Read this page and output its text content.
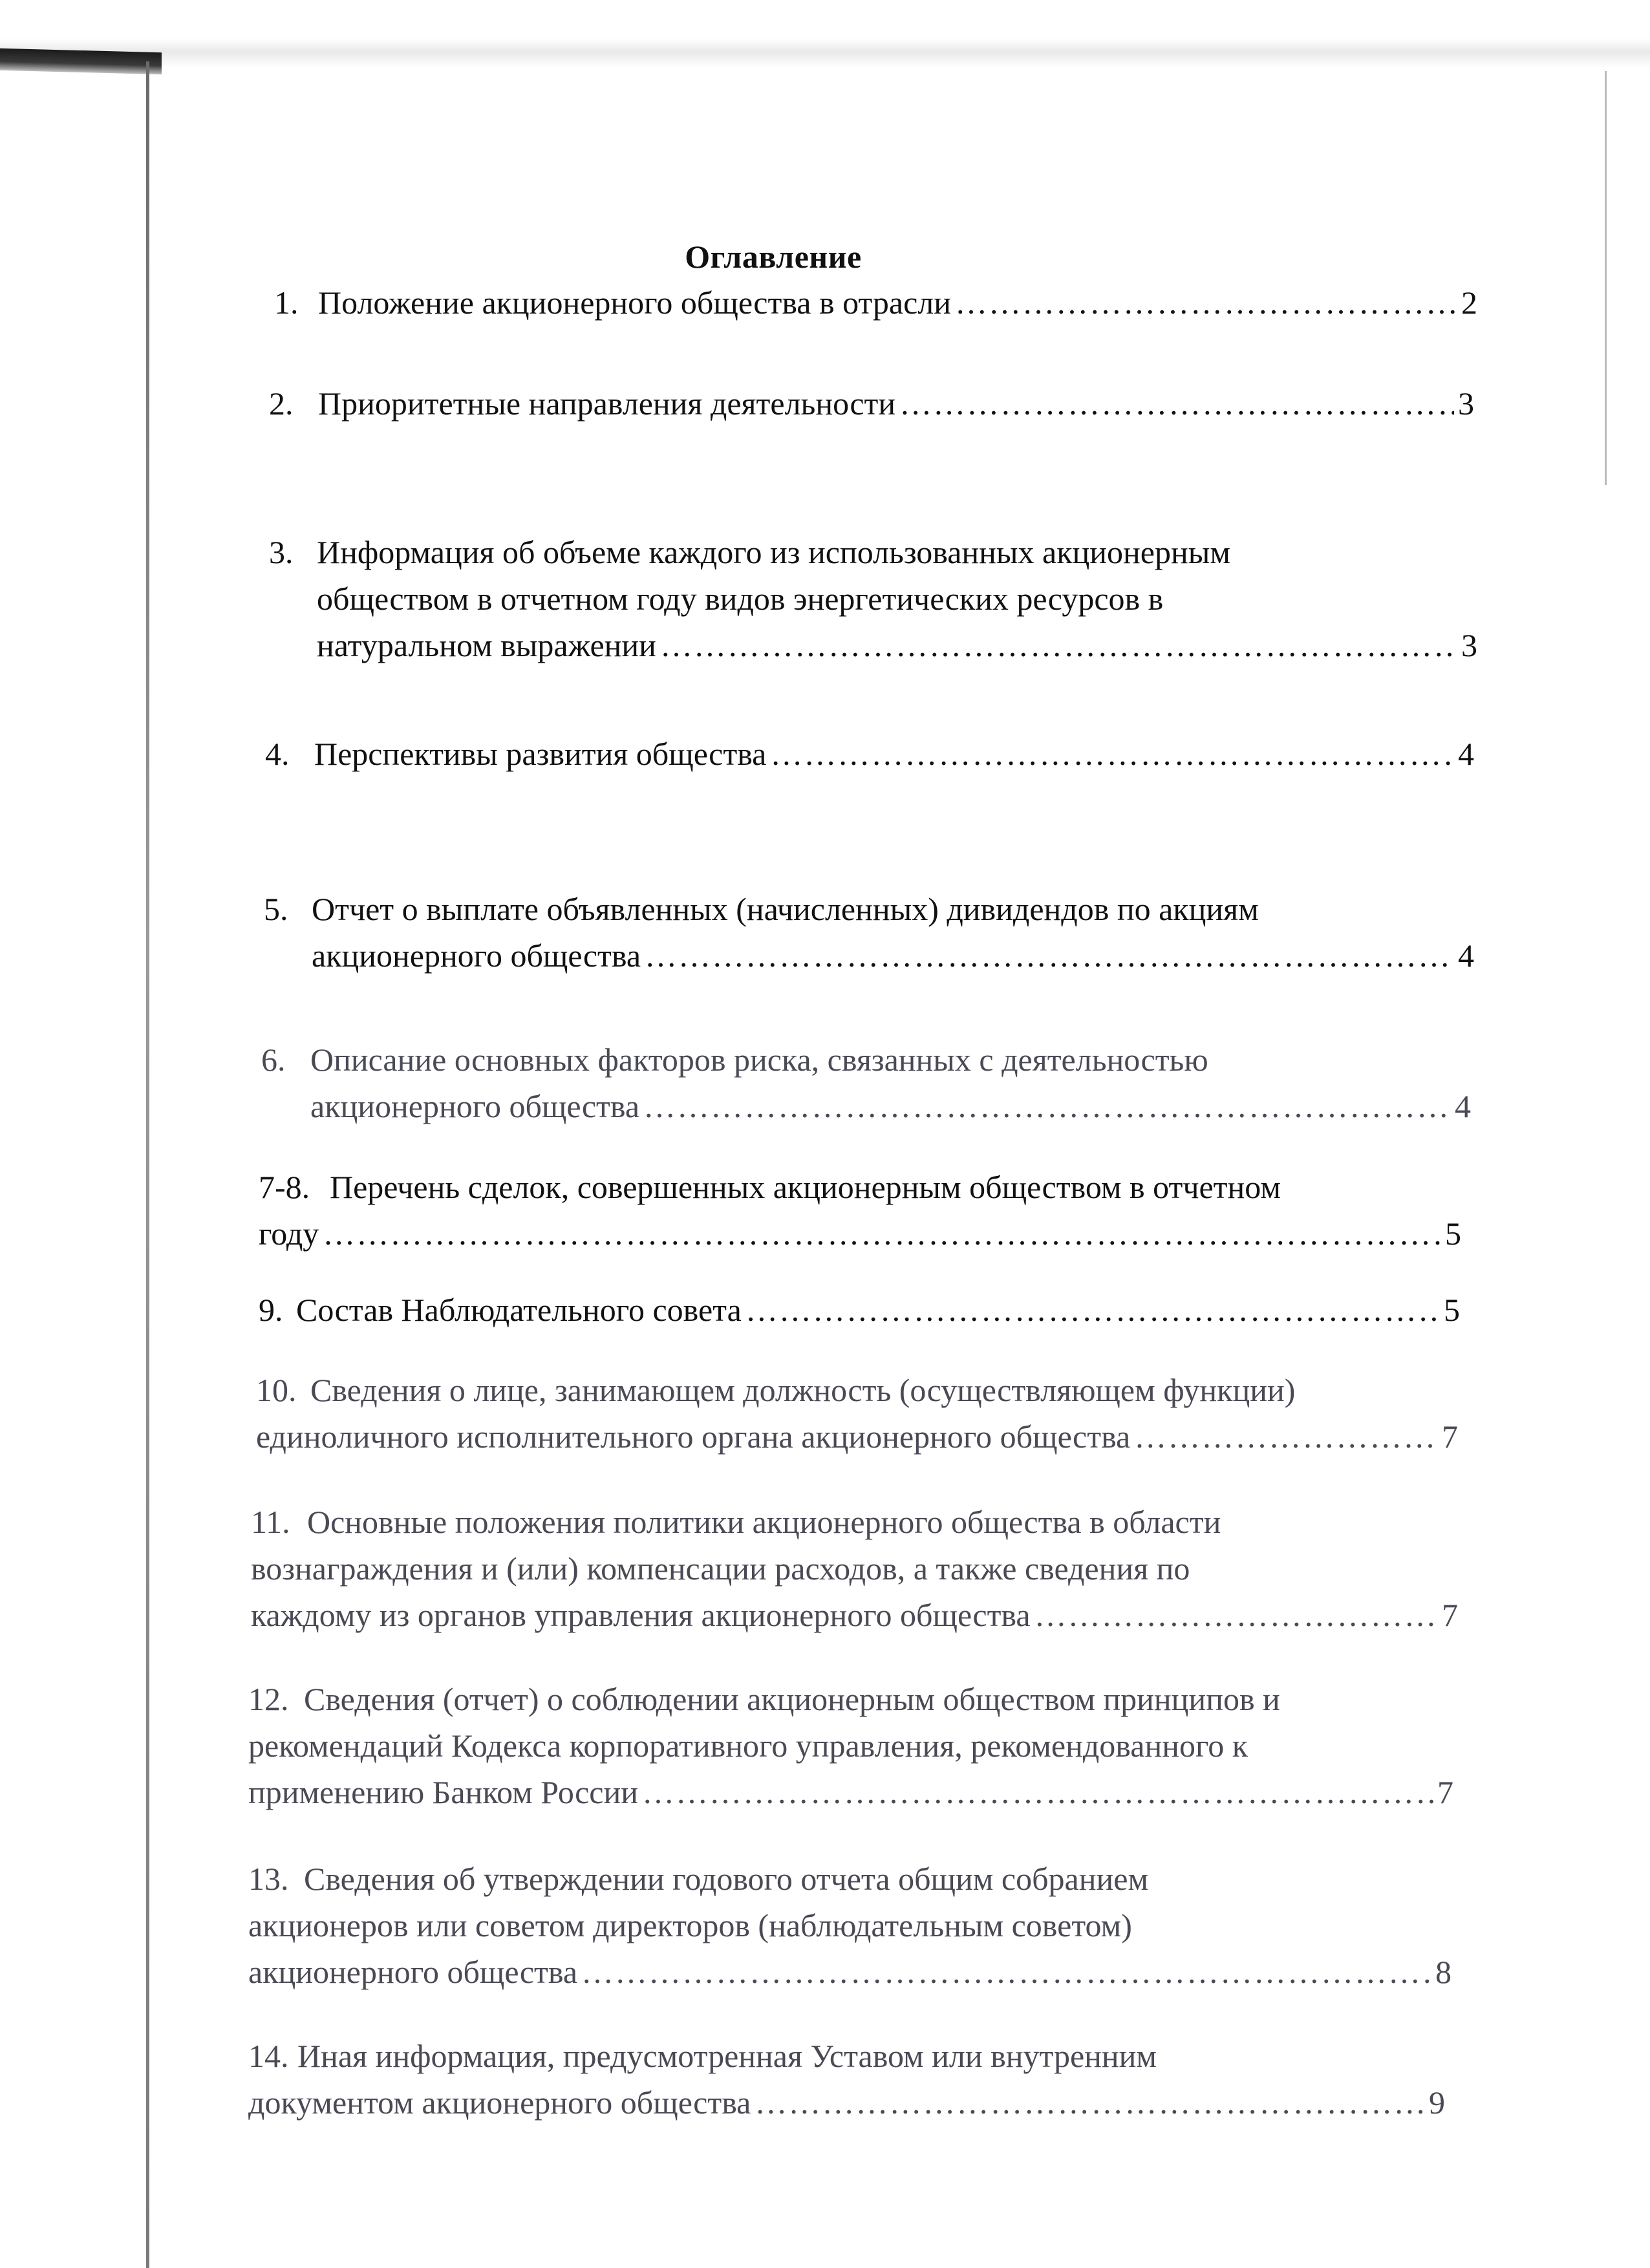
Оглавление
1. Положение акционерного общества в отрасли ……………………………………………………………………………………………………………………………………………………………	2
2. Приоритетные направления деятельности ……………………………………………………………………………………………………………………………………………………………	3
3. Информация об объеме каждого из использованных акционерным
обществом в отчетном году видов энергетических ресурсов в
натуральном выражении ……………………………………………………………………………………………………………………………………………………………	3
4. Перспективы развития общества ……………………………………………………………………………………………………………………………………………………………	4
5. Отчет о выплате объявленных (начисленных) дивидендов по акциям
акционерного общества ……………………………………………………………………………………………………………………………………………………………	4
6. Описание основных факторов риска, связанных с деятельностью
акционерного общества ……………………………………………………………………………………………………………………………………………………………	4
7-8. Перечень сделок, совершенных акционерным обществом в отчетном
году ……………………………………………………………………………………………………………………………………………………………	5
9. Состав Наблюдательного совета ……………………………………………………………………………………………………………………………………………………………	5
10. Сведения о лице, занимающем должность (осуществляющем функции)
единоличного исполнительного органа акционерного общества ……………………………………………………………………………………………………………………………………………………………	7
11. Основные положения политики акционерного общества в области
вознаграждения и (или) компенсации расходов, а также сведения по
каждому из органов управления акционерного общества ……………………………………………………………………………………………………………………………………………………………	7
12. Сведения (отчет) о соблюдении акционерным обществом принципов и
рекомендаций Кодекса корпоративного управления, рекомендованного к
применению Банком России ……………………………………………………………………………………………………………………………………………………………	7
13. Сведения об утверждении годового отчета общим собранием
акционеров или советом директоров (наблюдательным советом)
акционерного общества ……………………………………………………………………………………………………………………………………………………………	8
14. Иная информация, предусмотренная Уставом или внутренним
документом акционерного общества ……………………………………………………………………………………………………………………………………………………………	9
